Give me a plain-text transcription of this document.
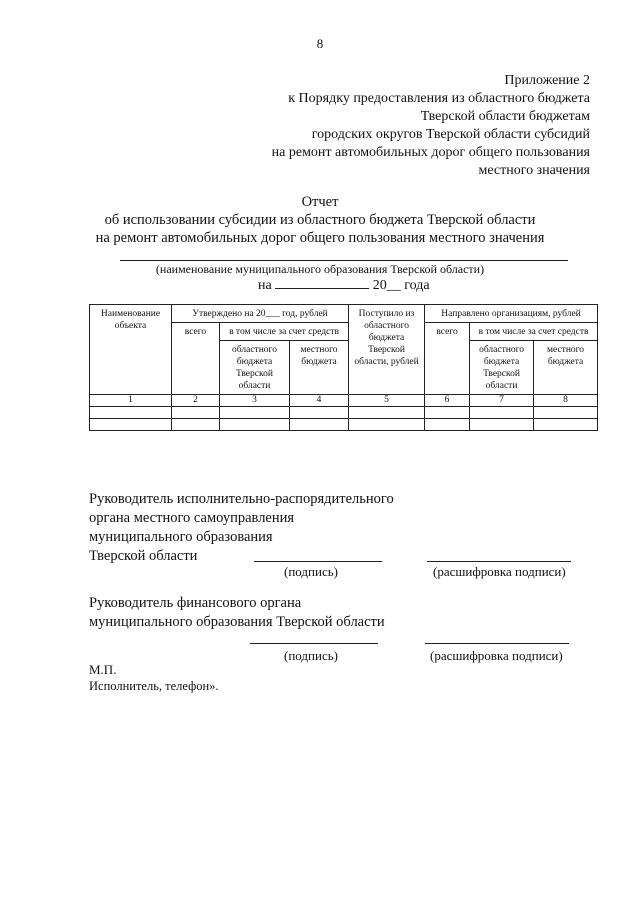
8
Приложение 2
к Порядку предоставления из областного бюджета
Тверской области бюджетам
городских округов Тверской области субсидий
на ремонт автомобильных дорог общего пользования
местного значения
Отчет
об использовании субсидии из областного бюджета Тверской области
на ремонт автомобильных дорог общего пользования местного значения
(наименование муниципального образования Тверской области)
на	20__ года
Наименование объекта	Утверждено на 20___ год, рублей			Поступило из областного бюджета Тверской области, рублей	Направлено организациям, рублей		
	всего	в том числе за счет средств			всего	в том числе за счет средств	
		областного бюджета Тверской области	местного бюджета			областного бюджета Тверской области	местного бюджета
1	2	3	4	5	6	7	8

Руководитель исполнительно-распорядительного
органа местного самоуправления
муниципального образования
Тверской области
(подпись)	(расшифровка подписи)
Руководитель финансового органа
муниципального образования Тверской области
(подпись)	(расшифровка подписи)
М.П.
Исполнитель, телефон».
